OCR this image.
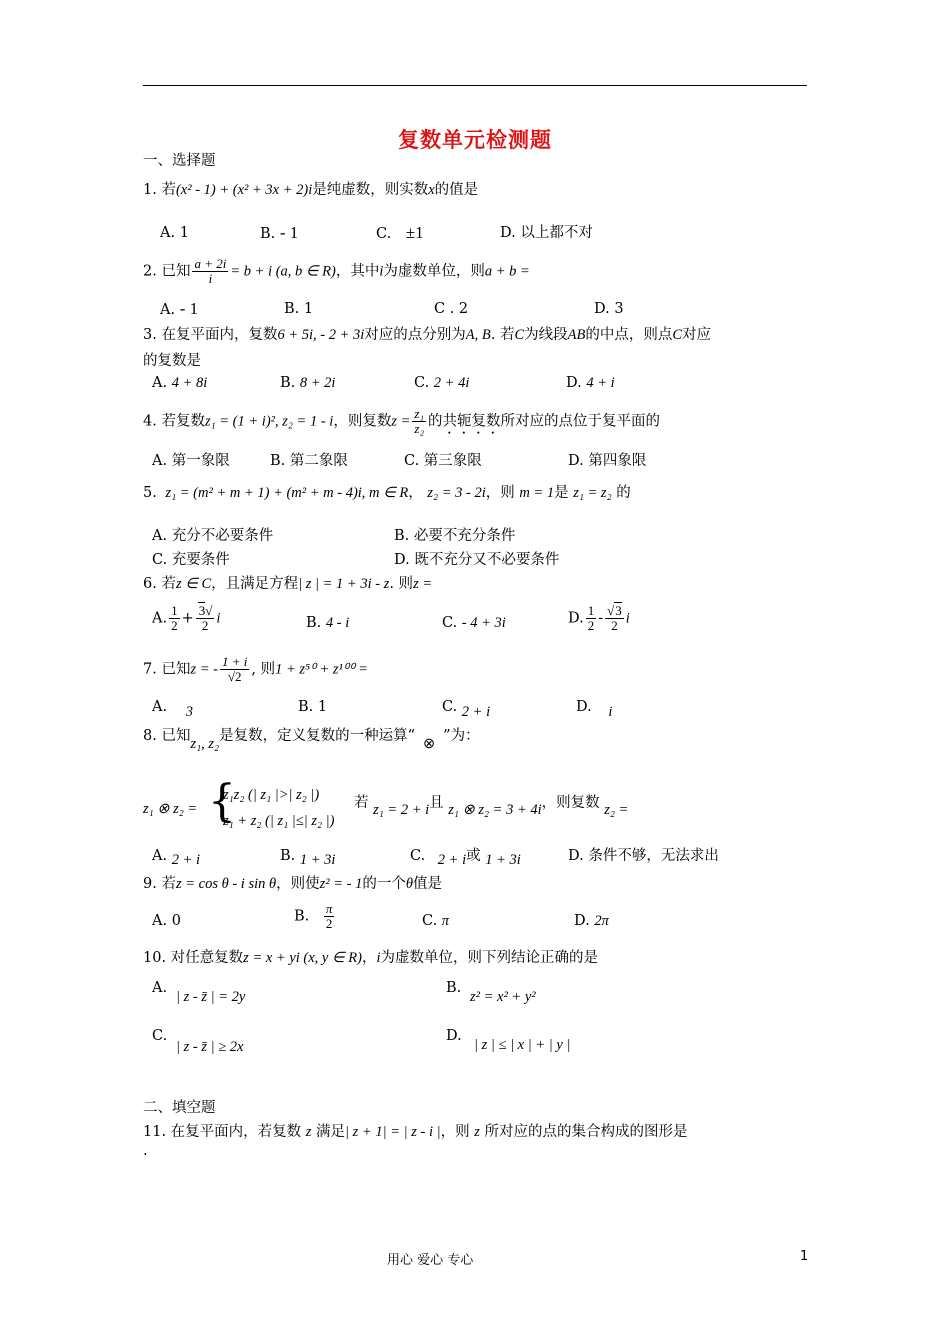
复数单元检测题
一、选择题
1. 若(x² - 1) + (x² + 3x + 2)i是纯虚数，则实数x的值是
A. 1	B. - 1	C. ±1	D. 以上都不对
2. 已知 $\frac{a + 2i}{i} = b + i$ (a, b ∈ R)，其中i为虚数单位，则a + b =
A. - 1	B. 1	C . 2	D. 3
3. 在复平面内，复数6 + 5i, - 2 + 3i对应的点分别为A, B. 若C为线段AB的中点，则点C对应
的复数是
A. 4 + 8i	B. 8 + 2i	C. 2 + 4i	D. 4 + i
4. 若复数z₁ = (1 + i)², z₂ = 1 - i，则复数$z = \frac{\text{z₁}}{\text{z₂}}$ 的共轭复数所对应的点位于复平面的
A. 第一象限	B. 第二象限	C. 第三象限	D. 第四象限
5. z₁ = (m² + m + 1) + (m² + m - 4)i, m ∈ R， z₂ = 3 - 2i，则 m = 1是 z₁ = z₂ 的
A. 充分不必要条件	B. 必要不充分条件
C. 充要条件	D. 既不充分又不必要条件
6. 若z ∈ C，且满足方程| z | = 1 + 3i - z. 则z =
A. $\frac{1}{2} + \frac{3√}{2}$ i	B. 4 - i	C. - 4 + 3i	D. $\frac{1}{2} - \frac{√3}{2}$ i
7. 已知z = - $\frac{1 + i}{√2}$ , 则1 + z⁵⁰ + z¹⁰⁰ =
A. 3	B. 1	C. 2 + i	D. i
8. 已知z₁, z₂是复数，定义复数的一种运算“ ⊗ ”为：
z₁ ⊗ z₂ = {
z₁z₂ (| z₁ |>| z₂ |)
z₁ + z₂ (| z₁ |≤| z₂ |)
若 z₁ = 2 + i且 z₁ ⊗ z₂ = 3 + 4i，则复数 z₂ =
A. 2 + i	B. 1 + 3i	C. 2 + i或 1 + 3i	D. 条件不够，无法求出
9. 若z = cos θ - i sin θ，则使z² = - 1的一个θ值是
A. 0	B. $\frac{\pi}{2}$	C. π	D. 2π
10. 对任意复数z = x + yi (x, y ∈ R)，i为虚数单位，则下列结论正确的是
A.
| z - z̄ | = 2y
B.
z² = x² + y²
C.
| z - z̄ | ≥ 2x
D.
| z | ≤ | x | + | y |
二、填空题
11. 在复平面内，若复数 z 满足| z + 1| = | z - i |，则 z 所对应的点的集合构成的图形是
.
用心 爱心 专心	1
